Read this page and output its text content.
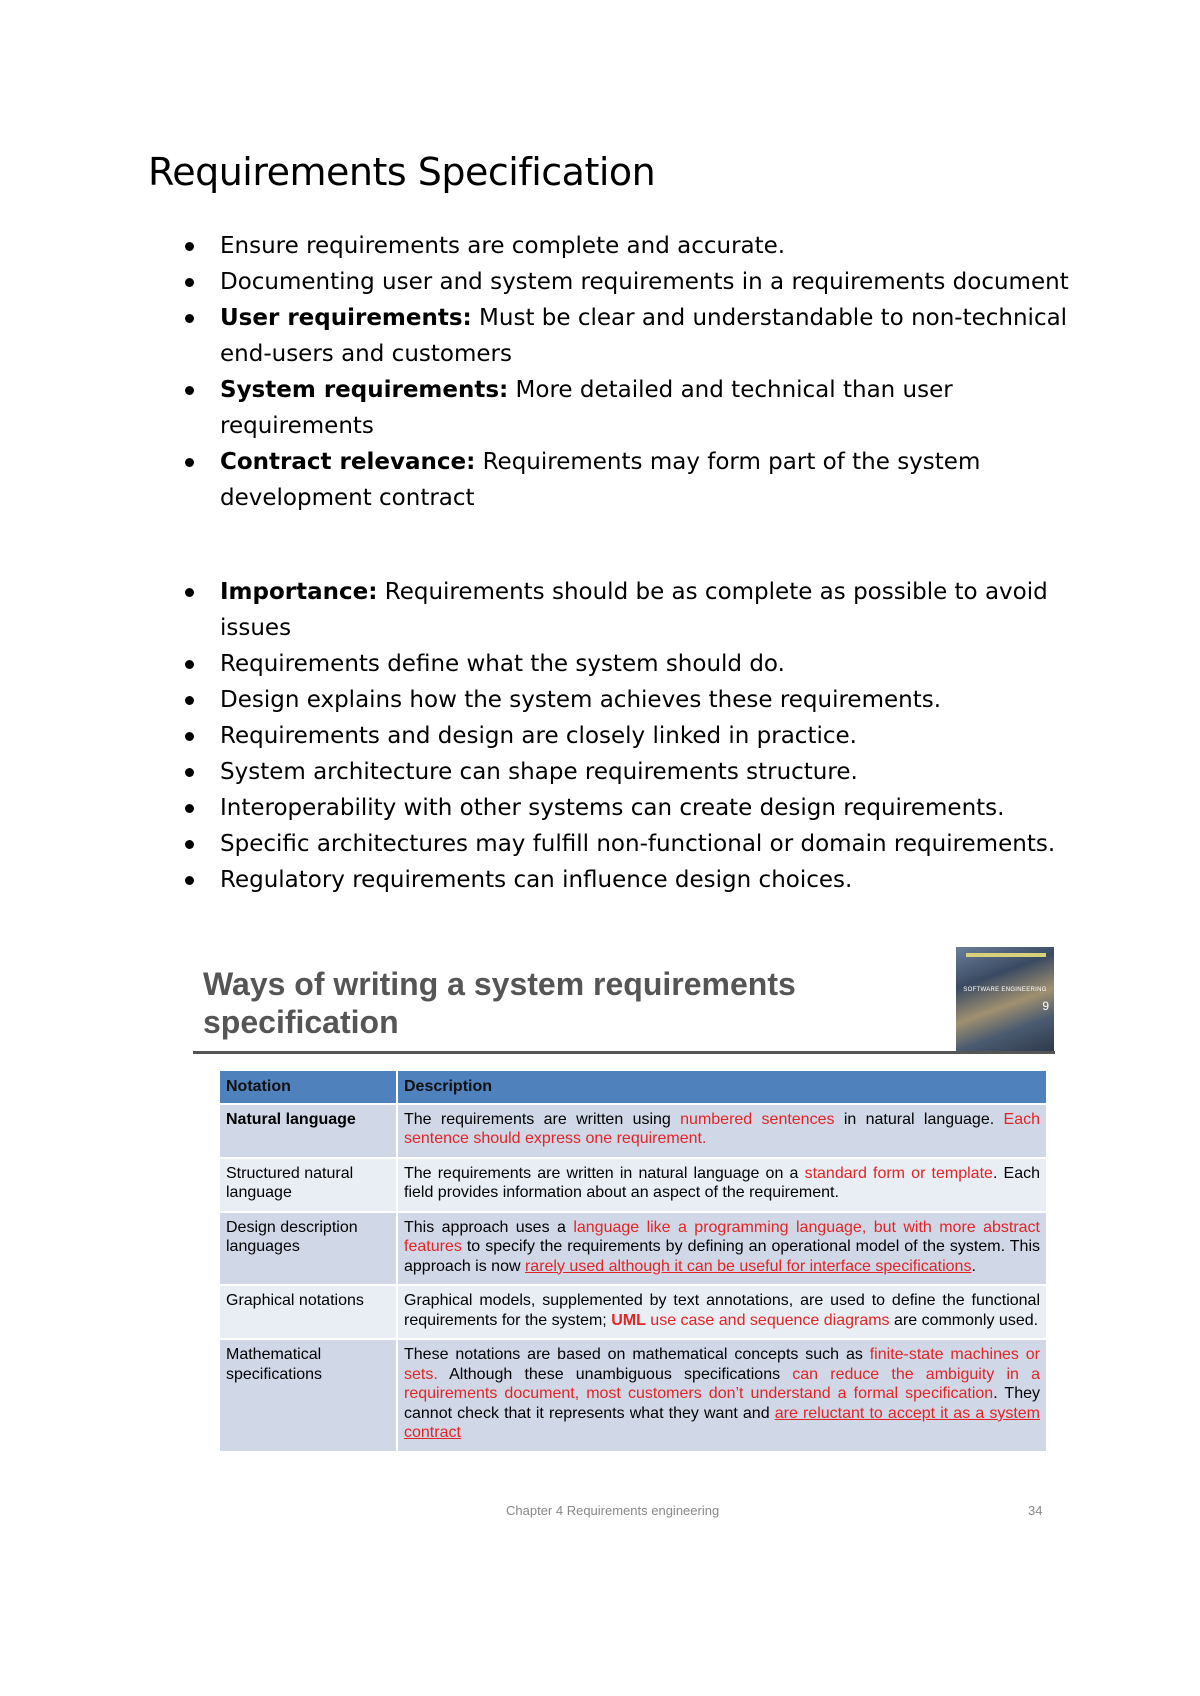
Requirements Specification
Ensure requirements are complete and accurate.
Documenting user and system requirements in a requirements document
User requirements: Must be clear and understandable to non-technical end-users and customers
System requirements: More detailed and technical than user requirements
Contract relevance: Requirements may form part of the system development contract
Importance: Requirements should be as complete as possible to avoid issues
Requirements define what the system should do.
Design explains how the system achieves these requirements.
Requirements and design are closely linked in practice.
System architecture can shape requirements structure.
Interoperability with other systems can create design requirements.
Specific architectures may fulfill non-functional or domain requirements.
Regulatory requirements can influence design choices.
Ways of writing a system requirements specification
SOFTWARE ENGINEERING
9
Notation	Description
Natural language	The requirements are written using numbered sentences in natural language. Each sentence should express one requirement.
Structured natural language	The requirements are written in natural language on a standard form or template. Each field provides information about an aspect of the requirement.
Design description languages	This approach uses a language like a programming language, but with more abstract features to specify the requirements by defining an operational model of the system. This approach is now rarely used although it can be useful for interface specifications.
Graphical notations	Graphical models, supplemented by text annotations, are used to define the functional requirements for the system; UML use case and sequence diagrams are commonly used.
Mathematical specifications	These notations are based on mathematical concepts such as finite-state machines or sets. Although these unambiguous specifications can reduce the ambiguity in a requirements document, most customers don’t understand a formal specification. They cannot check that it represents what they want and are reluctant to accept it as a system contract
Chapter 4 Requirements engineering	34
